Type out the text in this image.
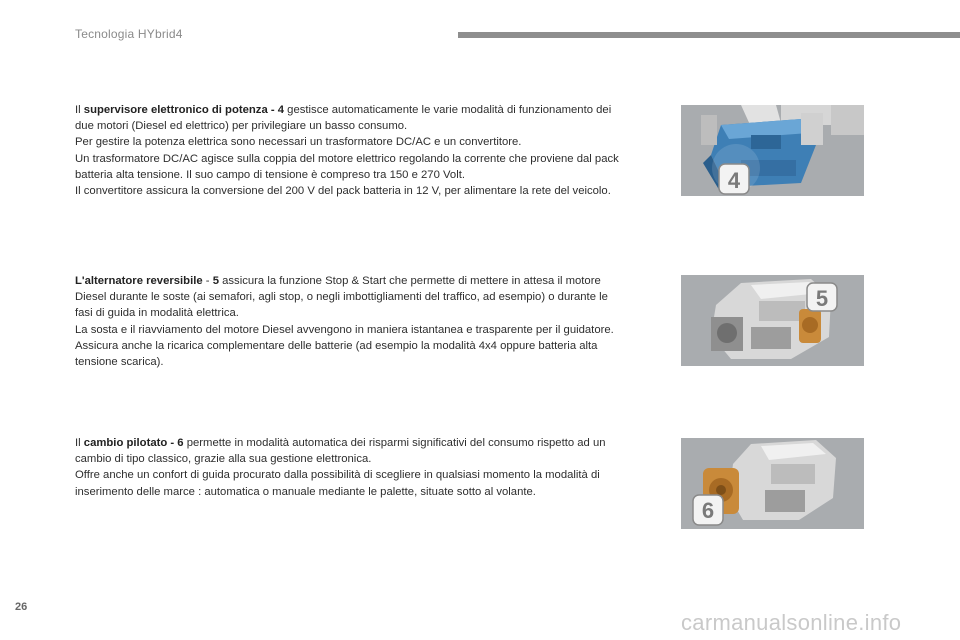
Tecnologia HYbrid4

Il supervisore elettronico di potenza - 4 gestisce automaticamente le varie modalità di funzionamento dei due motori (Diesel ed elettrico) per privilegiare un basso consumo.

Per gestire la potenza elettrica sono necessari un trasformatore DC/AC e un convertitore.

Un trasformatore DC/AC agisce sulla coppia del motore elettrico regolando la corrente che proviene dal pack batteria alta tensione. Il suo campo di tensione è compreso tra 150 e 270 Volt.

Il convertitore assicura la conversione del 200 V del pack batteria in 12 V, per alimentare la rete del veicolo.

L'alternatore reversibile - 5 assicura la funzione Stop & Start che permette di mettere in attesa il motore Diesel durante le soste (ai semafori, agli stop, o negli imbottigliamenti del traffico, ad esempio) o durante le fasi di guida in modalità elettrica.

La sosta e il riavviamento del motore Diesel avvengono in maniera istantanea e trasparente per il guidatore.

Assicura anche la ricarica complementare delle batterie (ad esempio la modalità 4x4 oppure batteria alta tensione scarica).

Il cambio pilotato - 6 permette in modalità automatica dei risparmi significativi del consumo rispetto ad un cambio di tipo classico, grazie alla sua gestione elettronica.

Offre anche un confort di guida procurato dalla possibilità di scegliere in qualsiasi momento la modalità di inserimento delle marce : automatica o manuale mediante le palette, situate sotto al volante.

4
5
6
26
carmanualsonline.info
